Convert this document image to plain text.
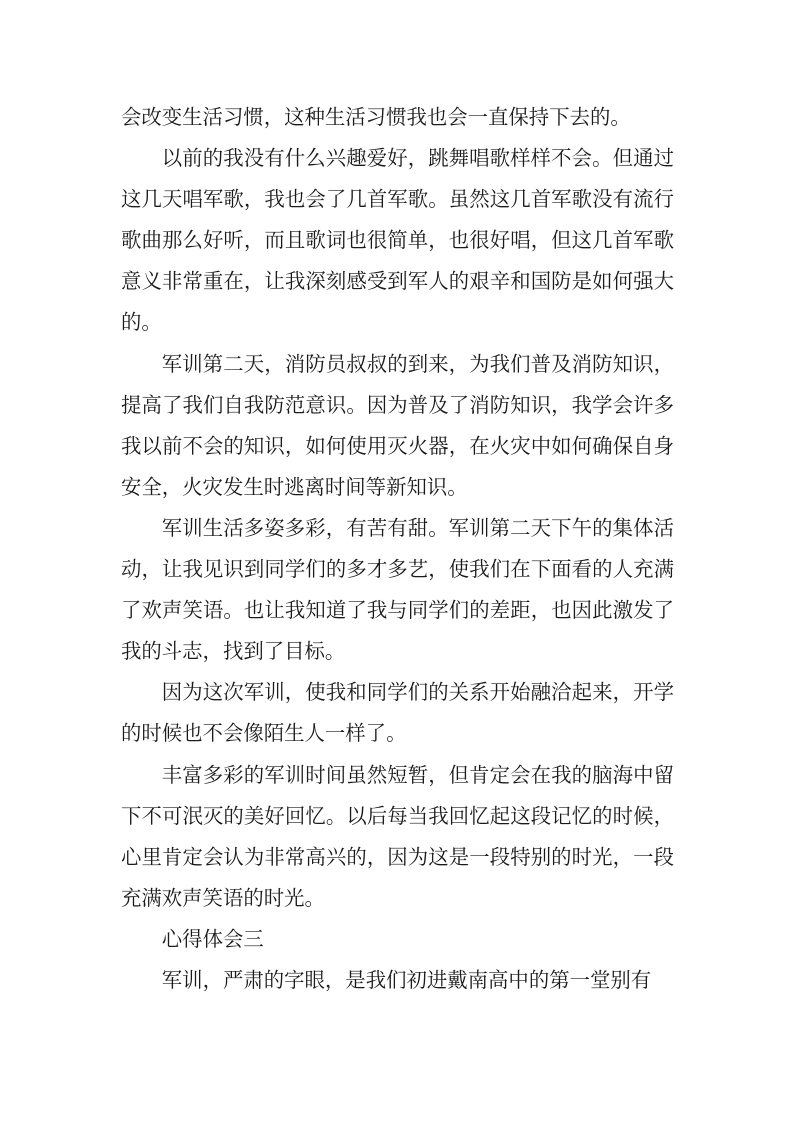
会改变生活习惯，这种生活习惯我也会一直保持下去的。

以前的我没有什么兴趣爱好，跳舞唱歌样样不会。但通过这几天唱军歌，我也会了几首军歌。虽然这几首军歌没有流行歌曲那么好听，而且歌词也很简单，也很好唱，但这几首军歌意义非常重在，让我深刻感受到军人的艰辛和国防是如何强大的。

军训第二天，消防员叔叔的到来，为我们普及消防知识，提高了我们自我防范意识。因为普及了消防知识，我学会许多我以前不会的知识，如何使用灭火器，在火灾中如何确保自身安全，火灾发生时逃离时间等新知识。

军训生活多姿多彩，有苦有甜。军训第二天下午的集体活动，让我见识到同学们的多才多艺，使我们在下面看的人充满了欢声笑语。也让我知道了我与同学们的差距，也因此激发了我的斗志，找到了目标。

因为这次军训，使我和同学们的关系开始融洽起来，开学的时候也不会像陌生人一样了。

丰富多彩的军训时间虽然短暂，但肯定会在我的脑海中留下不可泯灭的美好回忆。以后每当我回忆起这段记忆的时候，心里肯定会认为非常高兴的，因为这是一段特别的时光，一段充满欢声笑语的时光。

心得体会三

军训，严肃的字眼，是我们初进戴南高中的第一堂别有
